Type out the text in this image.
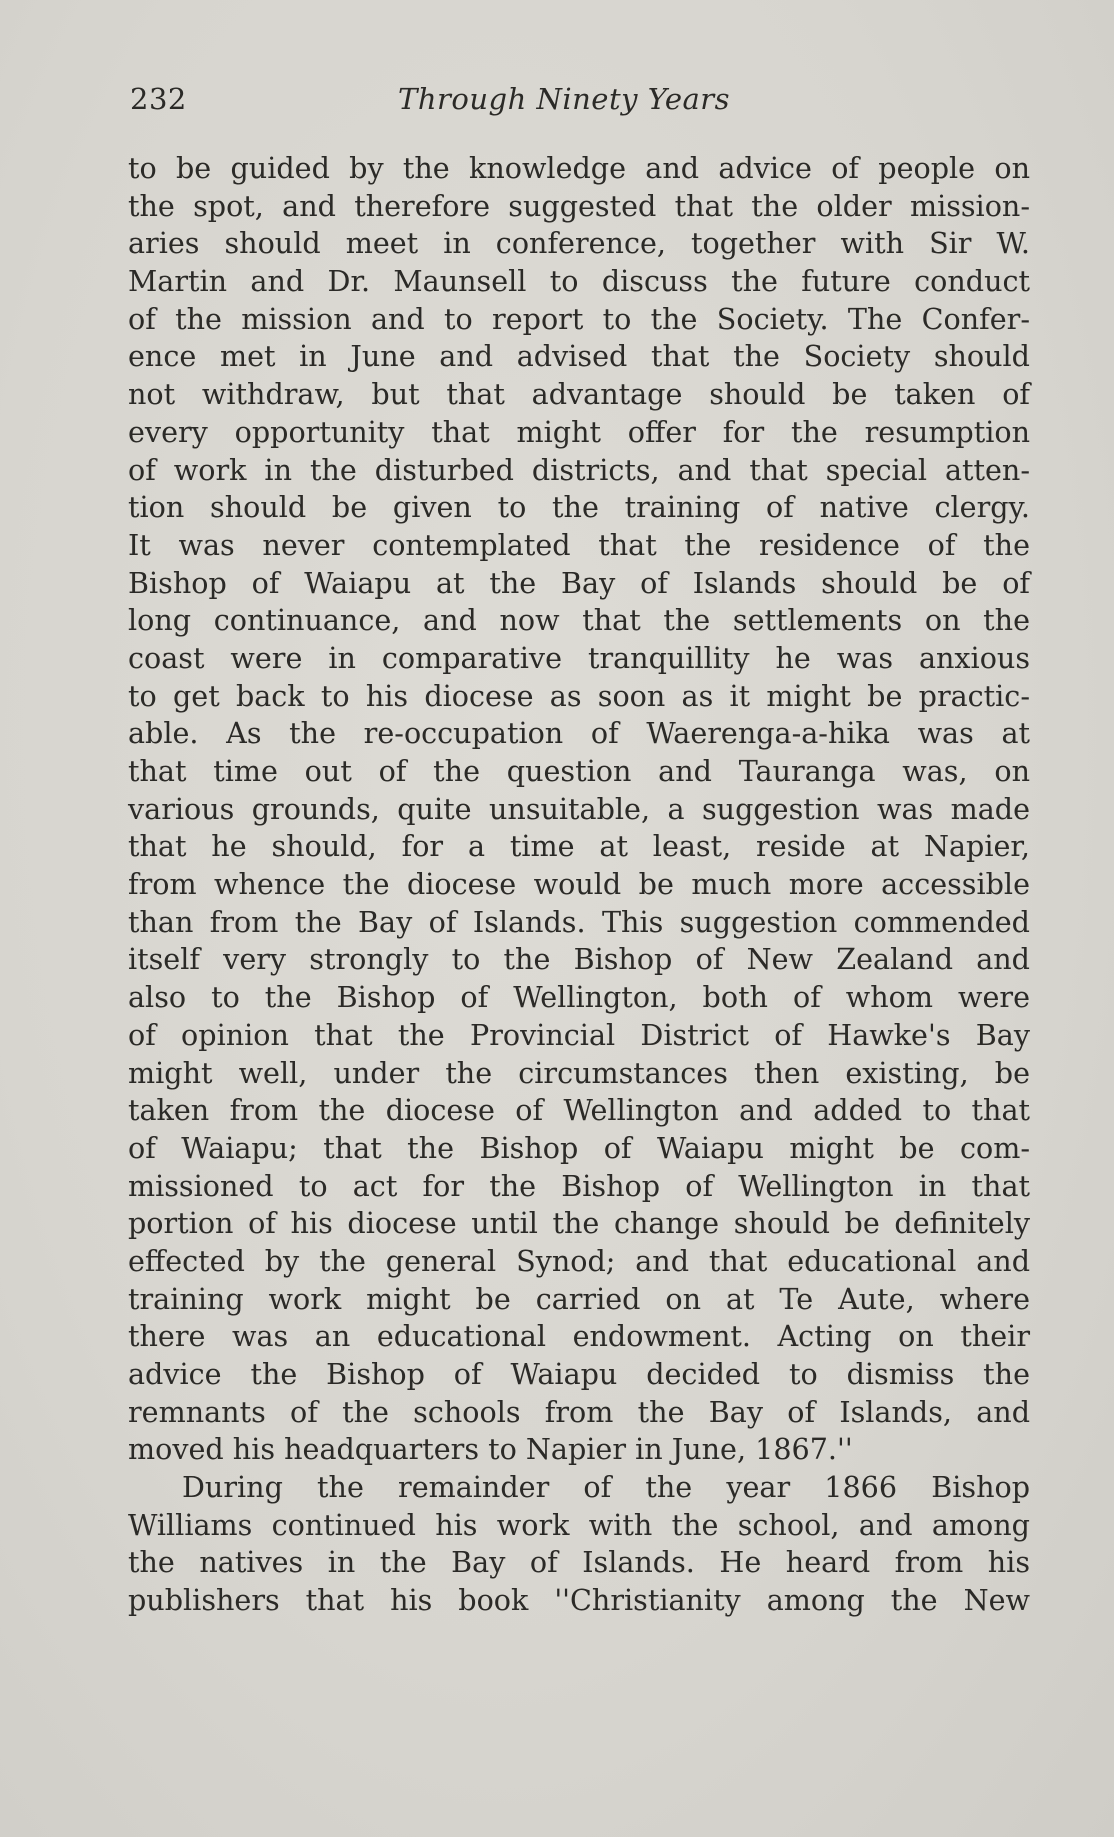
232	Through Ninety Years
to be guided by the knowledge and advice of people on
the spot, and therefore suggested that the older mission-
aries should meet in conference, together with Sir W.
Martin and Dr. Maunsell to discuss the future conduct
of the mission and to report to the Society. The Confer-
ence met in June and advised that the Society should
not withdraw, but that advantage should be taken of
every opportunity that might offer for the resumption
of work in the disturbed districts, and that special atten-
tion should be given to the training of native clergy.
It was never contemplated that the residence of the
Bishop of Waiapu at the Bay of Islands should be of
long continuance, and now that the settlements on the
coast were in comparative tranquillity he was anxious
to get back to his diocese as soon as it might be practic-
able. As the re-occupation of Waerenga-a-hika was at
that time out of the question and Tauranga was, on
various grounds, quite unsuitable, a suggestion was made
that he should, for a time at least, reside at Napier,
from whence the diocese would be much more accessible
than from the Bay of Islands. This suggestion commended
itself very strongly to the Bishop of New Zealand and
also to the Bishop of Wellington, both of whom were
of opinion that the Provincial District of Hawke's Bay
might well, under the circumstances then existing, be
taken from the diocese of Wellington and added to that
of Waiapu; that the Bishop of Waiapu might be com-
missioned to act for the Bishop of Wellington in that
portion of his diocese until the change should be definitely
effected by the general Synod; and that educational and
training work might be carried on at Te Aute, where
there was an educational endowment. Acting on their
advice the Bishop of Waiapu decided to dismiss the
remnants of the schools from the Bay of Islands, and
moved his headquarters to Napier in June, 1867.''
During the remainder of the year 1866 Bishop
Williams continued his work with the school, and among
the natives in the Bay of Islands. He heard from his
publishers that his book ''Christianity among the New
